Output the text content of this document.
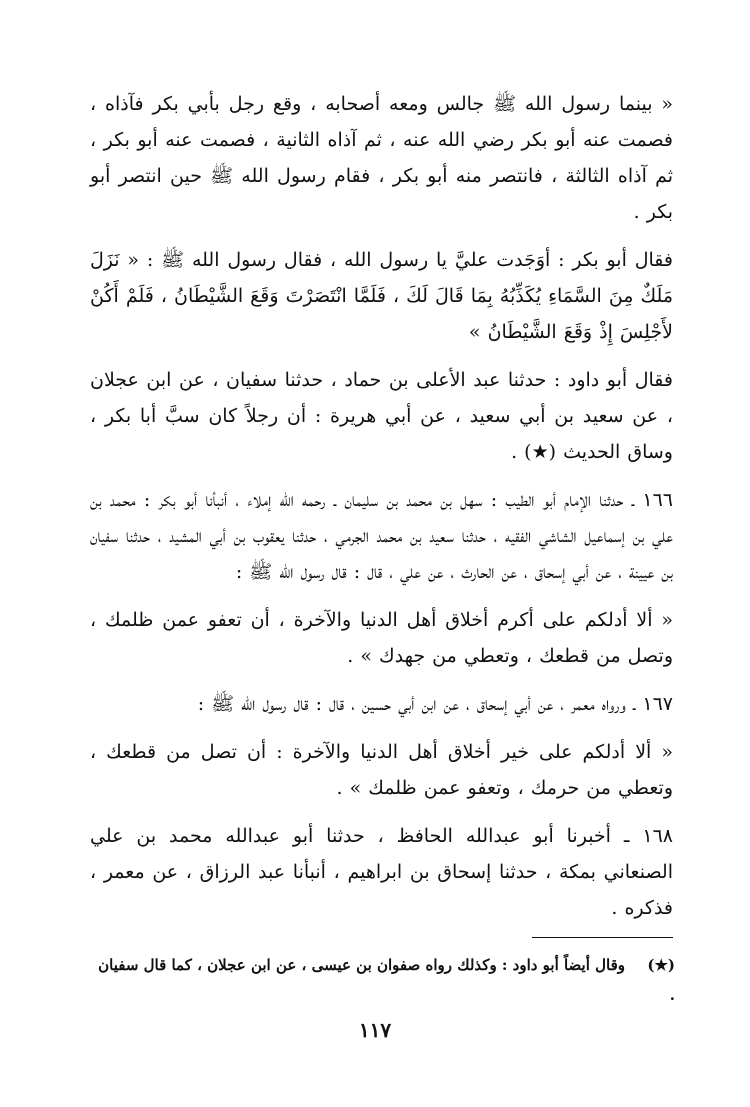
« بينما رسول الله ﷺ جالس ومعه أصحابه ، وقع رجل بأبي بكر فآذاه ، فصمت عنه أبو بكر رضي الله عنه ، ثم آذاه الثانية ، فصمت عنه أبو بكر ، ثم آذاه الثالثة ، فانتصر منه أبو بكر ، فقام رسول الله ﷺ حين انتصر أبو بكر .

فقال أبو بكر : أوَجَدت عليَّ يا رسول الله ، فقال رسول الله ﷺ : « نَزَلَ مَلَكٌ مِنَ السَّمَاءِ يُكَذِّبُهُ بِمَا قَالَ لَكَ ، فَلَمَّا انْتَصَرْتَ وَقَعَ الشَّيْطَانُ ، فَلَمْ أَكُنْ لأَجْلِسَ إِذْ وَقَعَ الشَّيْطَانُ »

فقال أبو داود : حدثنا عبد الأعلى بن حماد ، حدثنا سفيان ، عن ابن عجلان ، عن سعيد بن أبي سعيد ، عن أبي هريرة : أن رجلاً كان سبَّ أبا بكر ، وساق الحديث (★) .

١٦٦ ـ حدثنا الإمام أبو الطيب : سهل بن محمد بن سليمان ـ رحمه الله إملاء ، أنبأنا أبو بكر : محمد بن علي بن إسماعيل الشاشي الفقيه ، حدثنا سعيد بن محمد الجرمي ، حدثنا يعقوب بن أبي المشيد ، حدثنا سفيان بن عيينة ، عن أبي إسحاق ، عن الحارث ، عن علي ، قال : قال رسول الله ﷺ :

« ألا أدلكم على أكرم أخلاق أهل الدنيا والآخرة ، أن تعفو عمن ظلمك ، وتصل من قطعك ، وتعطي من جهدك » .

١٦٧ ـ ورواه معمر ، عن أبي إسحاق ، عن ابن أبي حسين ، قال : قال رسول الله ﷺ :

« ألا أدلكم على خير أخلاق أهل الدنيا والآخرة : أن تصل من قطعك ، وتعطي من حرمك ، وتعفو عمن ظلمك » .

١٦٨ ـ أخبرنا أبو عبدالله الحافظ ، حدثنا أبو عبدالله محمد بن علي الصنعاني بمكة ، حدثنا إسحاق بن ابراهيم ، أنبأنا عبد الرزاق ، عن معمر ، فذكره .

(★)وقال أيضاً أبو داود : وكذلك رواه صفوان بن عيسى ، عن ابن عجلان ، كما قال سفيان .
١١٧
